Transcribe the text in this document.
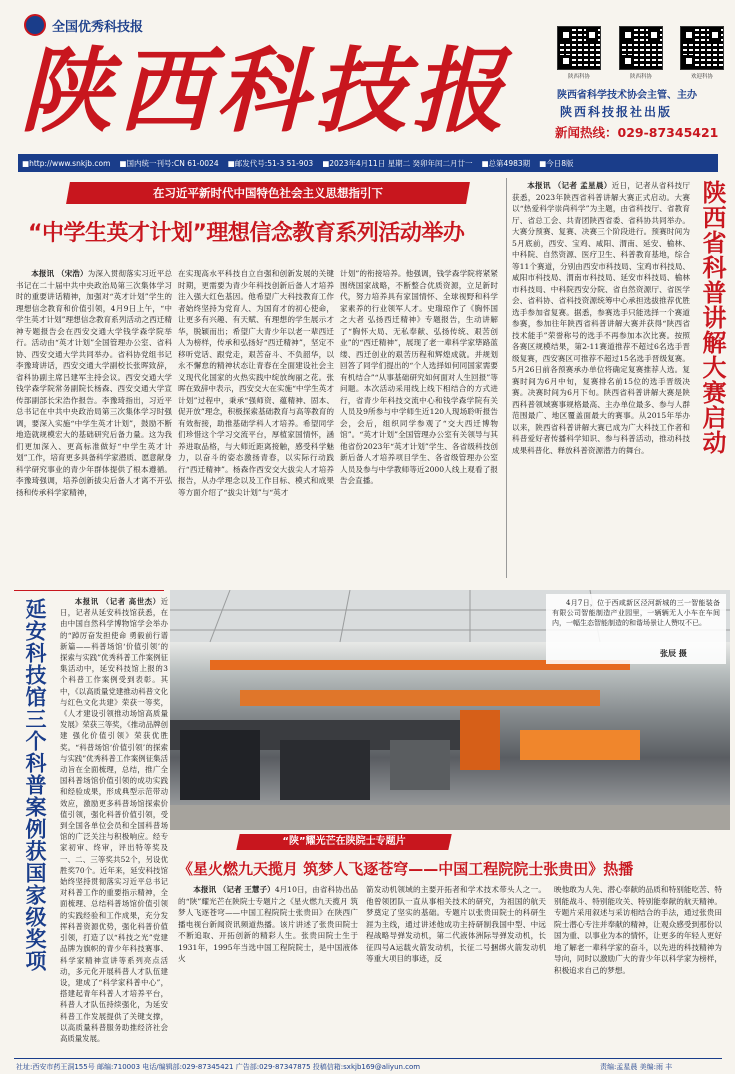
全国优秀科技报
陕西科技报	陕西科协	陕西科协	欢迎科协
陕西省科学技术协会主管、主办
陕西科技报社出版
新闻热线：029-87345421
■http://www.snkjb.com ■国内统一刊号:CN 61-0024 ■邮发代号:51-3 51-903 ■2023年4月11日 星期二 癸卯年闰二月廿一 ■总第4983期 ■今日8版
在习近平新时代中国特色社会主义思想指引下
“中学生英才计划”理想信念教育系列活动举办
本报讯 （宋浩）为深入贯彻落实习近平总书记在二十届中共中央政治局第三次集体学习时的重要讲话精神，加强对“英才计划”学生的理想信念教育和价值引领，4月9日上午，“中学生英才计划”理想信念教育系列活动之西迁精神专题报告会在西安交通大学钱学森学院举行。活动由“英才计划”全国管理办公室、省科协、西安交通大学共同举办。省科协党组书记李豫琦讲话，西安交通大学副校长张晖致辞，省科协副主席吕建军主持会议。西安交通大学钱学森学院常务副院长杨森、西安交通大学宣传部副部长宋浩作报告。李豫琦指出，习近平总书记在中共中央政治局第三次集体学习时强调，要深入实施“中学生英才计划”，鼓励不断地造就规模宏大的基础研究后备力量。这为我们更加深入、更高标准做好“中学生英才计划”工作，培育更多具备科学家潜质、愿意献身科学研究事业的青少年群体提供了根本遵循。李豫琦强调，培养创新拔尖后备人才离不开弘扬和传承科学家精神，
在实现高水平科技自立自强和创新发展的关键时期，更需要为青少年科技创新后备人才培养注入强大红色基因。他希望广大科技教育工作者始终坚持为党育人、为国育才的初心使命，让更多有兴趣、有天赋、有理想的学生展示才华，脱颖而出；希望广大青少年以老一辈西迁人为榜样，传承和弘扬好“西迁精神”，坚定不移听党话、跟党走，艰苦奋斗、不负韶华，以永不懈怠的精神状态让青春在全面建设社会主义现代化国家的火热实践中绽放绚丽之花。张晖在致辞中表示，西安交大在实施“中学生英才计划”过程中，秉承“强师资、蕴精神、固本、促开放”理念，积极探索基础教育与高等教育的有效衔接，助推基础学科人才培养。希望同学们珍惜这个学习交流平台，厚植家国情怀，涵养进取品格，与大师近距离接触，感受科学魅力，以奋斗的姿态激扬青春，以实际行动践行“西迁精神”。杨森作西安交大拔尖人才培养报告，从办学理念以及工作目标、模式和成果等方面介绍了“拔尖计划”与“英才
计划”的衔接培养。他强调，钱学森学院将紧紧围绕国家战略，不断整合优质资源，立足新时代，努力培养具有家国情怀、全球视野和科学家素养的行业领军人才。史瑞琼作了《胸怀国之大者 弘扬西迁精神》专题报告，生动讲解了“胸怀大局、无私奉献、弘扬传统、艰苦创业”的“西迁精神”，展现了老一辈科学家筚路蓝缕、西迁创业的艰苦历程和辉煌成就。并规划回答了同学们提出的“个人选择如何同国家需要有机结合”“从事基础研究如何面对人生回报”等问题。本次活动采用线上线下相结合的方式进行，省青少年科技交流中心和钱学森学院有关人员及9所参与中学师生近120人现场聆听报告会，会后，组织同学参观了“交大西迁博物馆”。“英才计划”全国管理办公室有关领导与其他省份2023年“英才计划”学生、各省级科技创新后备人才培养项目学生、各省级管理办公室人员及参与中学教师等近2000人线上观看了报告会直播。
本报讯 （记者 孟星晨）近日，记者从省科技厅获悉，2023年陕西省科普讲解大赛正式启动。大赛以“热爱科学崇尚科学”为主题，由省科技厅、省教育厅、省总工会、共青团陕西省委、省科协共同举办。大赛分预赛、复赛、决赛三个阶段进行。预赛时间为5月底前，西安、宝鸡、咸阳、渭南、延安、榆林、中科院、自然资源、医疗卫生、科普教育基地，综合等11个赛道，分别由西安市科技局、宝鸡市科技局、咸阳市科技局、渭南市科技局、延安市科技局、榆林市科技局、中科院西安分院、省自然资源厅、省医学会、省科协、省科技资源统筹中心承担选拔推荐优胜选手参加省复赛。据悉，参赛选手只能选择一个赛道参赛，参加往年陕西省科普讲解大赛并获得“陕西省技术能手”荣誉称号的选手不再参加本次比赛。按照各赛区规模结果，第2-11赛道推荐不超过6名选手晋级复赛，西安赛区可推荐不超过15名选手晋级复赛。5月26日前各预赛承办单位将确定复赛推荐人选。复赛时间为6月中旬，复赛排名前15位的选手晋级决赛。决赛时间为6月下旬。陕西省科普讲解大赛是陕西科普领域赛事规格最高、主办单位最多、参与人群范围最广、地区覆盖面最大的赛事。从2015年举办以来，陕西省科普讲解大赛已成为广大科技工作者和科普爱好者传播科学知识、参与科普活动，推动科技成果科普化、释放科普资源潜力的舞台。	陕西省科普讲解大赛启动
4月7日，位于西咸新区泾河新城的三一智能装备有限公司智能制造产业园里，一辆辆无人小车在车间内，一幅生态智能制造的和谐场景让人赞叹不已。
张辰 摄
延安科技馆三个科普案例获国家级奖项	本报讯 （记者 高世杰）近日，记者从延安科技馆获悉，在由中国自然科学博物馆学会举办的“踔厉奋发担使命 勇毅前行谱新篇——科普场馆‘价值引领’的探索与实践”优秀科普工作案例征集活动中，延安科技馆上报的3个科普工作案例受到表彰。其中，《以高质量党建推动科普文化与红色文化共建》荣获一等奖，《人才建设引领推动场馆高质量发展》荣获三等奖，《推动品牌创建 强化价值引领》荣获优胜奖。“科普场馆‘价值引领’的探索与实践”优秀科普工作案例征集活动旨在全面梳理，总结，推广全国科普场馆价值引领的成功实践和经验成果，形成典型示范带动效应，激励更多科普场馆探索价值引领，强化科普价值引领，受到全国各单位会员和全国科普场馆的广泛关注与积极响应。经专家初审、终审，评出特等奖及一、二、三等奖共52个，另设优胜奖70个。近年来，延安科技馆始终坚持贯彻落实习近平总书记对科普工作的重要指示精神，全面梳理、总结科普场馆价值引领的实践经验和工作成果，充分发挥科普资源优势，强化科普价值引领，打造了以“科技之光”党建品牌为旗帜的青少年科技赛事、科学家精神宣讲等系列亮点活动，多元化开展科普人才队伍建设，建成了“科学家科普中心”，搭建起青年科普人才培养平台，科普人才队伍持续强化，为延安科普工作发展提供了关键支撑，以高质量科普服务助推经济社会高质量发展。
“陕”耀光芒在陕院士专题片
《星火燃九天揽月 筑梦人飞逐苍穹——中国工程院院士张贵田》热播
本报讯 （记者 王慧子）4月10日，由省科协出品的“陕”耀光芒在陕院士专题片之《星火燃九天揽月 筑梦人飞逐苍穹——中国工程院院士张贵田》在陕西广播电视台新闻资讯频道热播。该片讲述了张贵田院士不断追取、开拓创新的精彩人生。张贵田院士生于1931年，1995年当选中国工程院院士，是中国液体火
箭发动机领域的主要开拓者和学术技术带头人之一。他曾领团队一直从事相关技术的研究，为祖国的航天梦奠定了坚实的基础。专题片以张贵田院士的科研生涯为主线，通过讲述他成功主持研制我国中型、中远程战略导弹发动机，第二代液体洲际导弹发动机，长征四号A运载火箭发动机，长征二号捆绑火箭发动机等重大项目的事迹，反
映他敢为人先、潜心奉献的品质和特别能吃苦、特别能战斗、特别能攻关、特别能奉献的航天精神。专题片采用叙述与采访相结合的手法，通过张贵田院士潜心专注并奉献的精神，让观众感受到那份以国为重、以事业为本的情怀，让更多的年轻人更好地了解老一辈科学家的奋斗，以先进的科技精神为导向，同时以激励广大的青少年以科学家为榜样，积极追求自己的梦想。
社址:西安市药王洞155号 邮编:710003 电话/编辑部:029-87345421 广告部:029-87347875 投稿信箱:sxkjb169@aliyun.com	责编:孟星晨 美编:雨 丰
